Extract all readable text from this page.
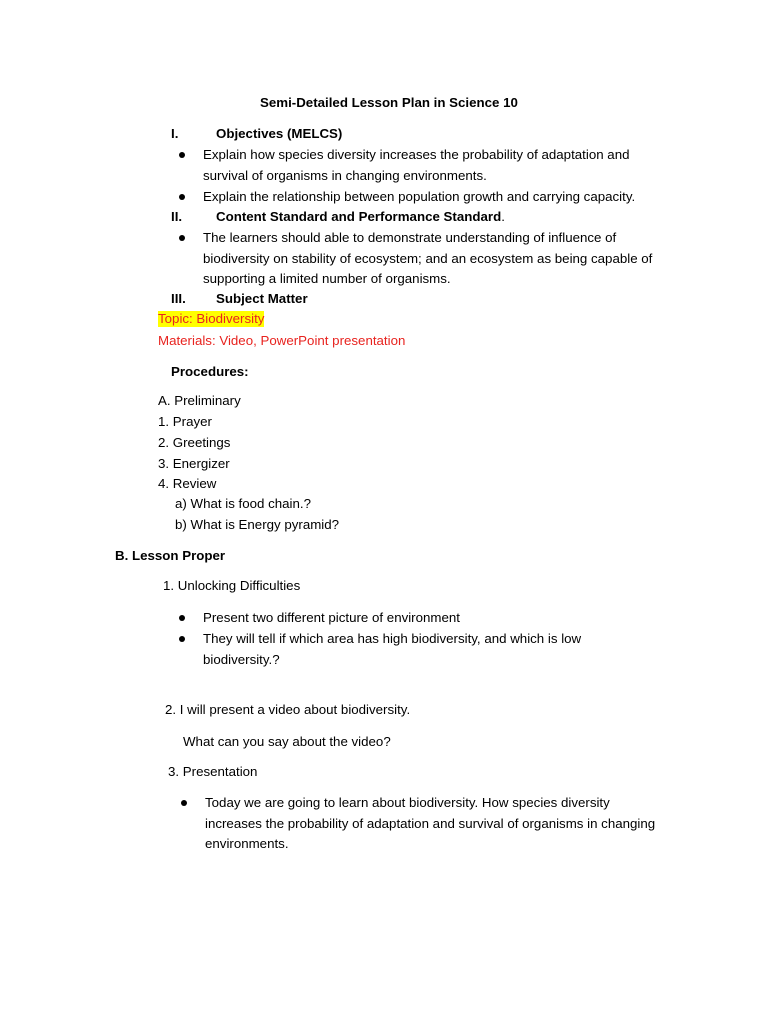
Semi-Detailed Lesson Plan in Science 10
I.	Objectives (MELCS)
Explain how species diversity increases the probability of adaptation and
survival of organisms in changing environments.
Explain the relationship between population growth and carrying capacity.
II.	Content Standard and Performance Standard.
The learners should able to demonstrate understanding of influence of
biodiversity on stability of ecosystem; and an ecosystem as being capable of
supporting a limited number of organisms.
III. Subject Matter
Topic: Biodiversity
Materials: Video, PowerPoint presentation
Procedures:
A. Preliminary
1. Prayer
2. Greetings
3. Energizer
4. Review
a) What is food chain.?
b) What is Energy pyramid?
B. Lesson Proper
1. Unlocking Difficulties
Present two different picture of environment
They will tell if which area has high biodiversity, and which is low
biodiversity.?
2. I will present a video about biodiversity.
What can you say about the video?
3. Presentation
Today we are going to learn about biodiversity. How species diversity
increases the probability of adaptation and survival of organisms in changing
environments.
